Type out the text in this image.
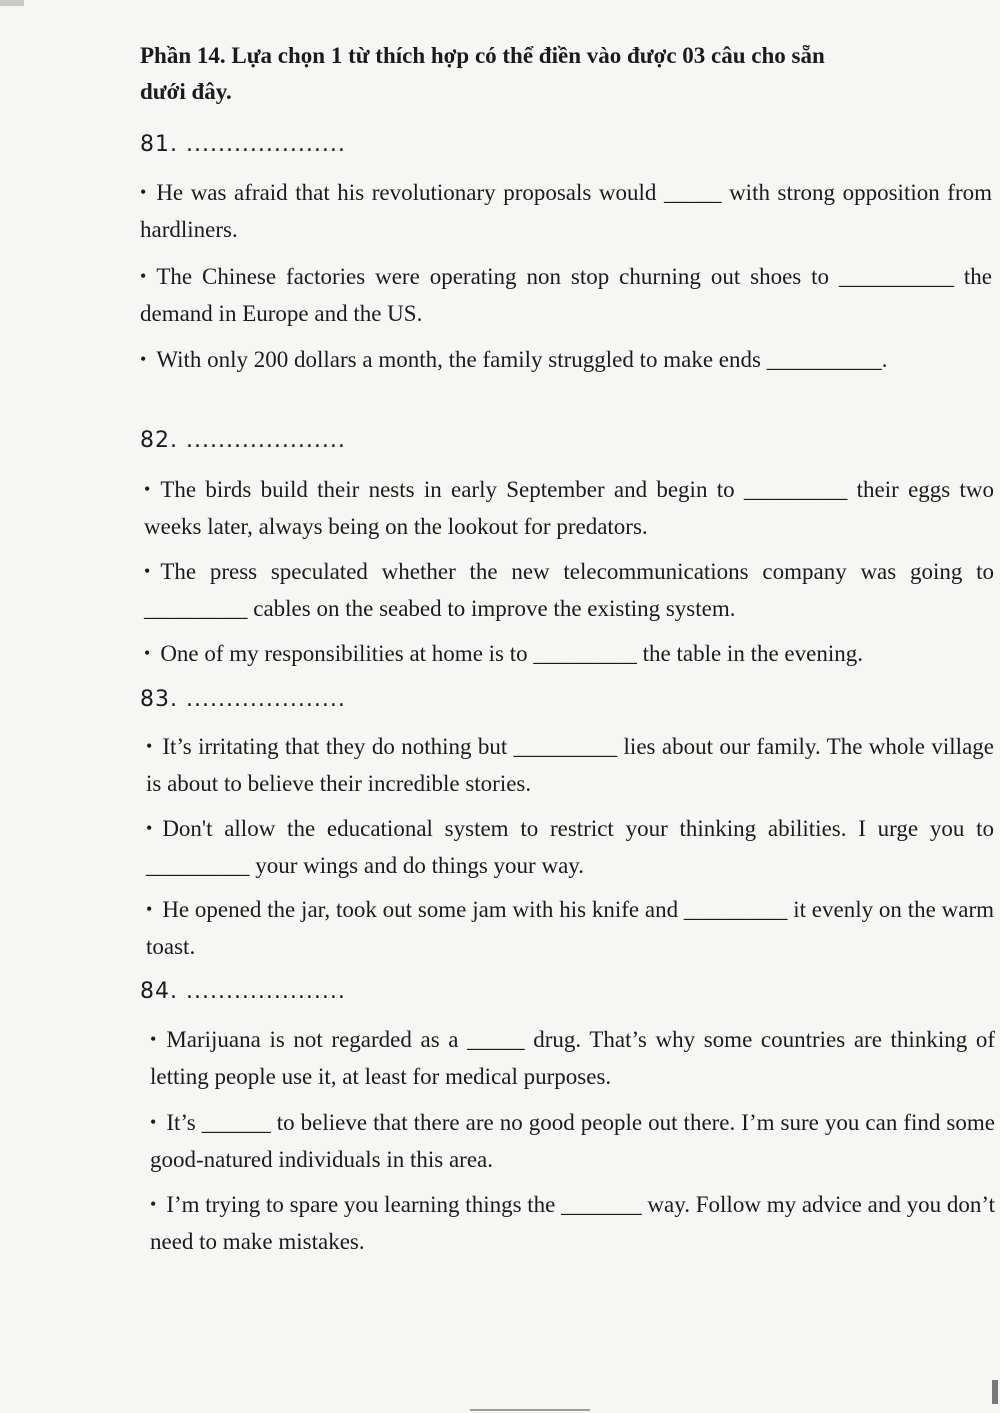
Phần 14. Lựa chọn 1 từ thích hợp có thể điền vào được 03 câu cho sẵn
dưới đây.
81. ....................
• He was afraid that his revolutionary proposals would _____ with strong opposition from hardliners.
• The Chinese factories were operating non stop churning out shoes to __________ the demand in Europe and the US.
• With only 200 dollars a month, the family struggled to make ends __________.
82. ....................
• The birds build their nests in early September and begin to _________ their eggs two weeks later, always being on the lookout for predators.
• The press speculated whether the new telecommunications company was going to _________ cables on the seabed to improve the existing system.
• One of my responsibilities at home is to _________ the table in the evening.
83. ....................
• It’s irritating that they do nothing but _________ lies about our family. The whole village is about to believe their incredible stories.
• Don't allow the educational system to restrict your thinking abilities. I urge you to _________ your wings and do things your way.
• He opened the jar, took out some jam with his knife and _________ it evenly on the warm toast.
84. ....................
• Marijuana is not regarded as a _____ drug. That’s why some countries are thinking of letting people use it, at least for medical purposes.
• It’s ______ to believe that there are no good people out there. I’m sure you can find some good-natured individuals in this area.
• I’m trying to spare you learning things the _______ way. Follow my advice and you don’t need to make mistakes.
